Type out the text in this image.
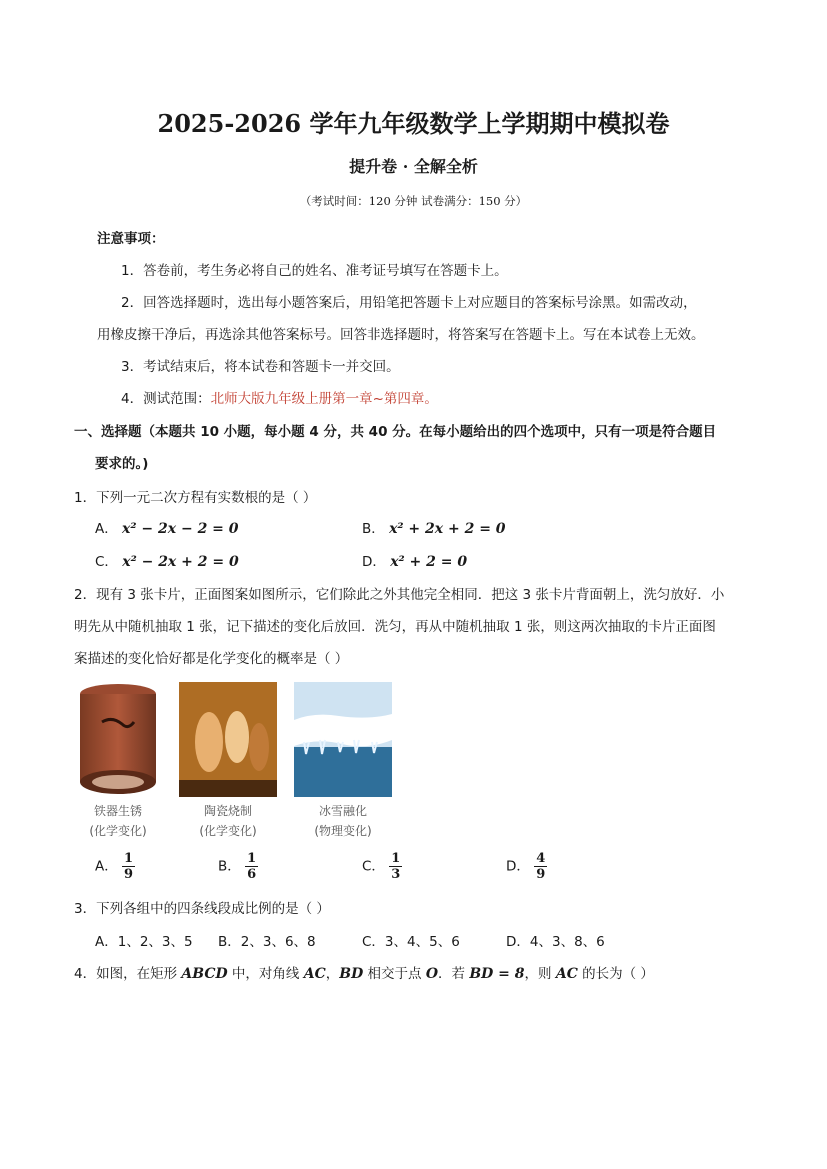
2025-2026 学年九年级数学上学期期中模拟卷
提升卷 · 全解全析
（考试时间：120 分钟 试卷满分：150 分）
注意事项：
1．答卷前，考生务必将自己的姓名、准考证号填写在答题卡上。
2．回答选择题时，选出每小题答案后，用铅笔把答题卡上对应题目的答案标号涂黑。如需改动，
用橡皮擦干净后，再选涂其他答案标号。回答非选择题时，将答案写在答题卡上。写在本试卷上无效。
3．考试结束后，将本试卷和答题卡一并交回。
4．测试范围：北师大版九年级上册第一章~第四章。
一、选择题（本题共 10 小题，每小题 4 分，共 40 分。在每小题给出的四个选项中，只有一项是符合题目
要求的。)
1．下列一元二次方程有实数根的是（ ）
A． x² − 2x − 2 = 0	B． x² + 2x + 2 = 0
C． x² − 2x + 2 = 0	D． x² + 2 = 0
2．现有 3 张卡片，正面图案如图所示，它们除此之外其他完全相同．把这 3 张卡片背面朝上，洗匀放好．小
明先从中随机抽取 1 张，记下描述的变化后放回．洗匀，再从中随机抽取 1 张，则这两次抽取的卡片正面图
案描述的变化恰好都是化学变化的概率是（ ）
铁器生锈
(化学变化)
陶瓷烧制
(化学变化)
冰雪融化
(物理变化)
A． $\frac{1}{9}$	B． $\frac{1}{6}$	C． $\frac{1}{3}$	D． $\frac{4}{9}$
3．下列各组中的四条线段成比例的是（ ）
A．1、2、3、5 B．2、3、6、8	C．3、4、5、6	D．4、3、8、6
4．如图，在矩形 ABCD 中，对角线 AC，BD 相交于点 O．若 BD = 8，则 AC 的长为（ ）
